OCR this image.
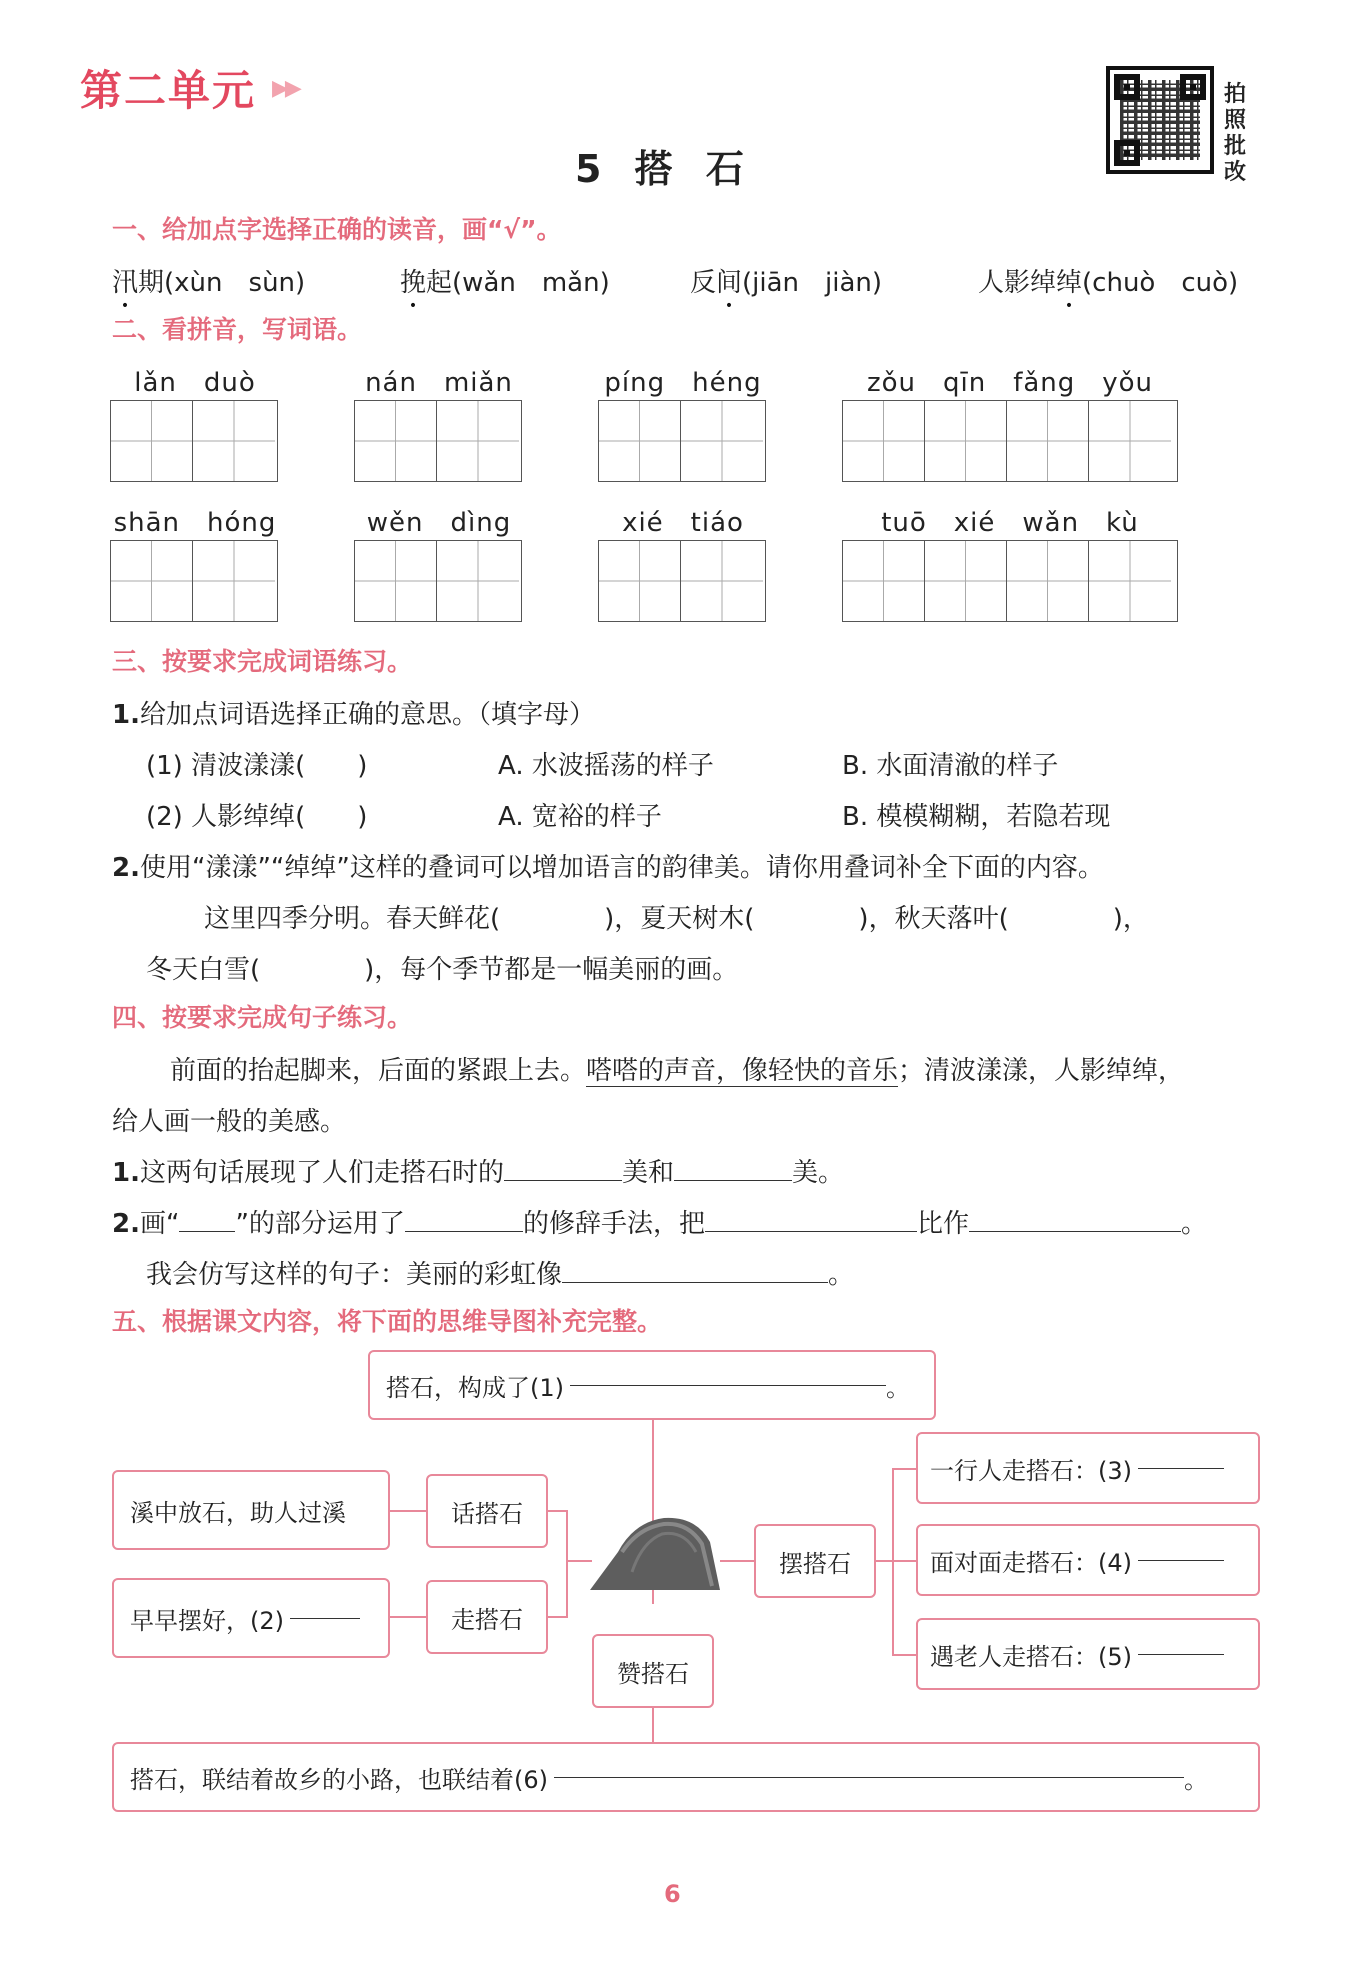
第二单元 ▶▶
5 搭 石
拍照批改
一、给加点字选择正确的读音，画“√”。
汛期(xùn　sùn)	挽起(wǎn　mǎn)	反间(jiān　jiàn)	人影绰绰(chuò　cuò)
二、看拼音，写词语。
lǎn　duò	nán　miǎn	píng　héng	zǒu　qīn　fǎng　yǒu
shān　hóng	wěn　dìng	xié　tiáo	tuō　xié　wǎn　kù
三、按要求完成词语练习。
1.给加点词语选择正确的意思。（填字母）
(1) 清波漾漾(　　)	A. 水波摇荡的样子	B. 水面清澈的样子
(2) 人影绰绰(　　)	A. 宽裕的样子	B. 模模糊糊，若隐若现
2.使用“漾漾”“绰绰”这样的叠词可以增加语言的韵律美。请你用叠词补全下面的内容。
这里四季分明。春天鲜花(　　　　)，夏天树木(　　　　)，秋天落叶(　　　　)，
冬天白雪(　　　　)，每个季节都是一幅美丽的画。
四、按要求完成句子练习。
前面的抬起脚来，后面的紧跟上去。嗒嗒的声音，像轻快的音乐；清波漾漾，人影绰绰，
给人画一般的美感。
1.这两句话展现了人们走搭石时的	美和	美。
2.画“ ”的部分运用了	的修辞手法，把	比作	。
我会仿写这样的句子：美丽的彩虹像	。
五、根据课文内容，将下面的思维导图补充完整。
搭石，构成了(1)	。
溪中放石，助人过溪
早早摆好，(2)
话搭石
走搭石
赞搭石
摆搭石
一行人走搭石：(3)
面对面走搭石：(4)
遇老人走搭石：(5)
搭石，联结着故乡的小路，也联结着(6)	。
6
